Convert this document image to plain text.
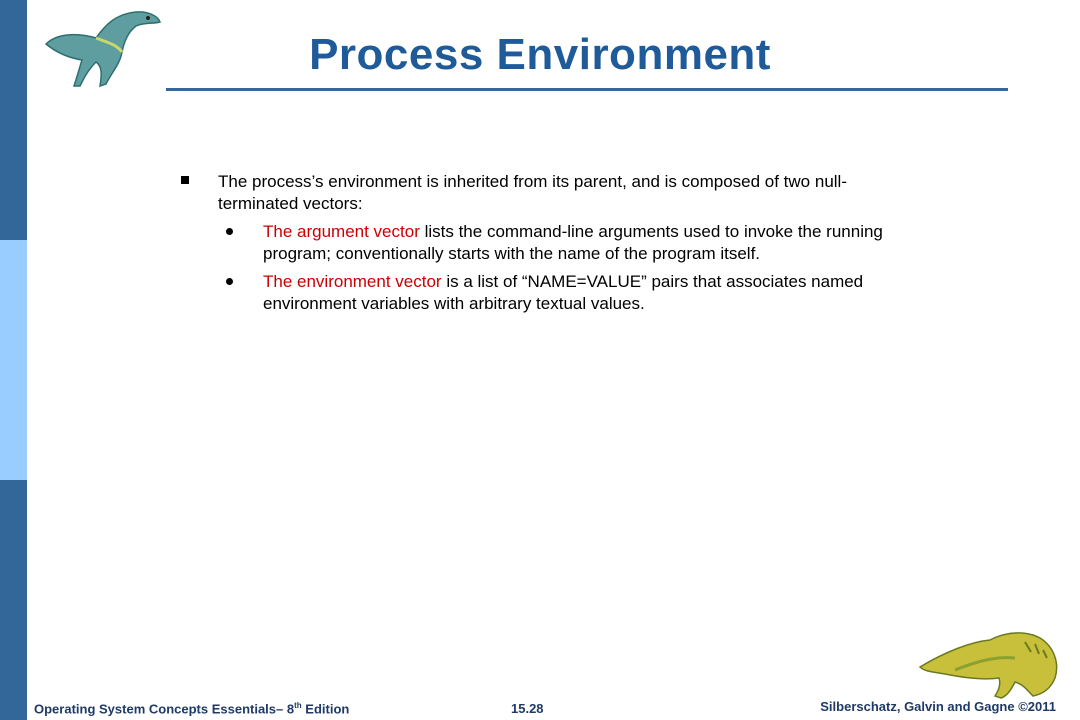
Process Environment
The process’s environment is inherited from its parent, and is composed of two null-terminated vectors:
The argument vector lists the command-line arguments used to invoke the running program; conventionally starts with the name of the program itself.
The environment vector is a list of “NAME=VALUE” pairs that associates named environment variables with arbitrary textual values.
Operating System Concepts Essentials– 8th Edition	15.28	Silberschatz, Galvin and Gagne ©2011
